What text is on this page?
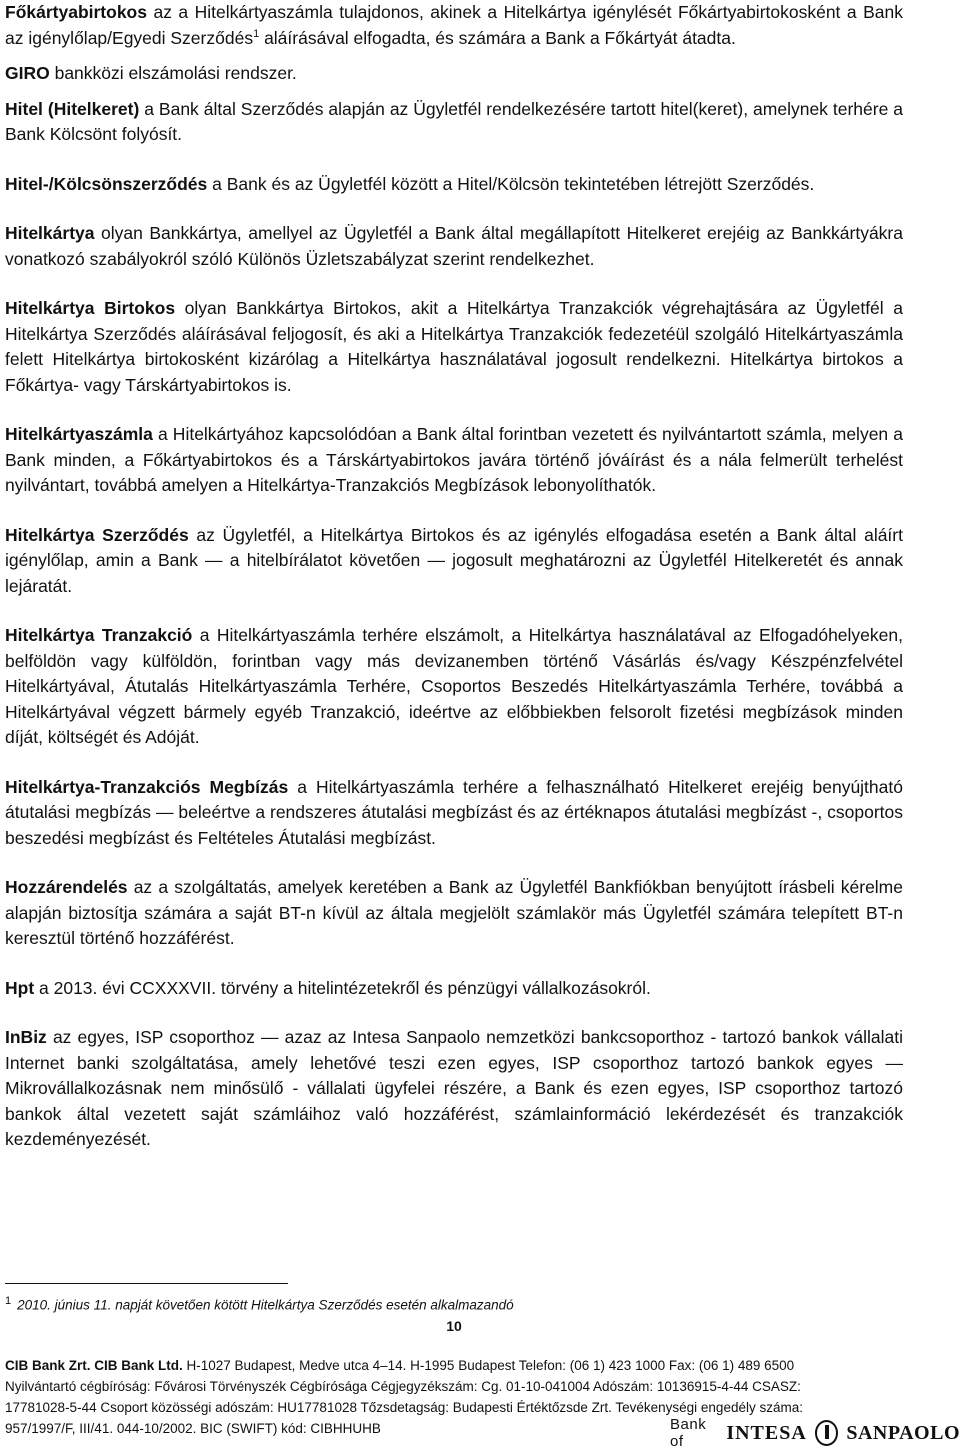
Főkártyabirtokos az a Hitelkártyaszámla tulajdonos, akinek a Hitelkártya igénylését Főkártyabirtokosként a Bank az igénylőlap/Egyedi Szerződés$^1$ aláírásával elfogadta, és számára a Bank a Főkártyát átadta.

GIRO bankközi elszámolási rendszer.

Hitel (Hitelkeret) a Bank által Szerződés alapján az Ügyletfél rendelkezésére tartott hitel(keret), amelynek terhére a Bank Kölcsönt folyósít.

Hitel-/Kölcsönszerződés a Bank és az Ügyletfél között a Hitel/Kölcsön tekintetében létrejött Szerződés.

Hitelkártya olyan Bankkártya, amellyel az Ügyletfél a Bank által megállapított Hitelkeret erejéig az Bankkártyákra vonatkozó szabályokról szóló Különös Üzletszabályzat szerint rendelkezhet.

Hitelkártya Birtokos olyan Bankkártya Birtokos, akit a Hitelkártya Tranzakciók végrehajtására az Ügyletfél a Hitelkártya Szerződés aláírásával feljogosít, és aki a Hitelkártya Tranzakciók fedezetéül szolgáló Hitelkártyaszámla felett Hitelkártya birtokosként kizárólag a Hitelkártya használatával jogosult rendelkezni. Hitelkártya birtokos a Főkártya- vagy Társkártyabirtokos is.

Hitelkártyaszámla a Hitelkártyához kapcsolódóan a Bank által forintban vezetett és nyilvántartott számla, melyen a Bank minden, a Főkártyabirtokos és a Társkártyabirtokos javára történő jóváírást és a nála felmerült terhelést nyilvántart, továbbá amelyen a Hitelkártya-Tranzakciós Megbízások lebonyolíthatók.

Hitelkártya Szerződés az Ügyletfél, a Hitelkártya Birtokos és az igénylés elfogadása esetén a Bank által aláírt igénylőlap, amin a Bank ― a hitelbírálatot követően ― jogosult meghatározni az Ügyletfél Hitelkeretét és annak lejáratát.

Hitelkártya Tranzakció a Hitelkártyaszámla terhére elszámolt, a Hitelkártya használatával az Elfogadóhelyeken, belföldön vagy külföldön, forintban vagy más devizanemben történő Vásárlás és/vagy Készpénzfelvétel Hitelkártyával, Átutalás Hitelkártyaszámla Terhére, Csoportos Beszedés Hitelkártyaszámla Terhére, továbbá a Hitelkártyával végzett bármely egyéb Tranzakció, ideértve az előbbiekben felsorolt fizetési megbízások minden díját, költségét és Adóját.

Hitelkártya-Tranzakciós Megbízás a Hitelkártyaszámla terhére a felhasználható Hitelkeret erejéig benyújtható átutalási megbízás ― beleértve a rendszeres átutalási megbízást és az értéknapos átutalási megbízást -, csoportos beszedési megbízást és Feltételes Átutalási megbízást.

Hozzárendelés az a szolgáltatás, amelyek keretében a Bank az Ügyletfél Bankfiókban benyújtott írásbeli kérelme alapján biztosítja számára a saját BT-n kívül az általa megjelölt számlakör más Ügyletfél számára telepített BT-n keresztül történő hozzáférést.

Hpt a 2013. évi CCXXXVII. törvény a hitelintézetekről és pénzügyi vállalkozásokról.

InBiz az egyes, ISP csoporthoz ― azaz az Intesa Sanpaolo nemzetközi bankcsoporthoz - tartozó bankok vállalati Internet banki szolgáltatása, amely lehetővé teszi ezen egyes, ISP csoporthoz tartozó bankok egyes ― Mikrovállalkozásnak nem minősülő - vállalati ügyfelei részére, a Bank és ezen egyes, ISP csoporthoz tartozó bankok által vezetett saját számláihoz való hozzáférést, számlainformáció lekérdezését és tranzakciók kezdeményezését.

$^1$ 2010. június 11. napját követően kötött Hitelkártya Szerződés esetén alkalmazandó
10
CIB Bank Zrt. CIB Bank Ltd. H-1027 Budapest, Medve utca 4–14. H-1995 Budapest Telefon: (06 1) 423 1000 Fax: (06 1) 489 6500
Nyilvántartó cégbíróság: Fővárosi Törvényszék Cégbírósága Cégjegyzékszám: Cg. 01-10-041004 Adószám: 10136915-4-44 CSASZ:
17781028-5-44 Csoport közösségi adószám: HU17781028 Tőzsdetagság: Budapesti Értéktőzsde Zrt. Tevékenységi engedély száma:
957/1997/F, III/41. 044-10/2002. BIC (SWIFT) kód: CIBHHUHB	Bank of	INTESA SANPAOLO
